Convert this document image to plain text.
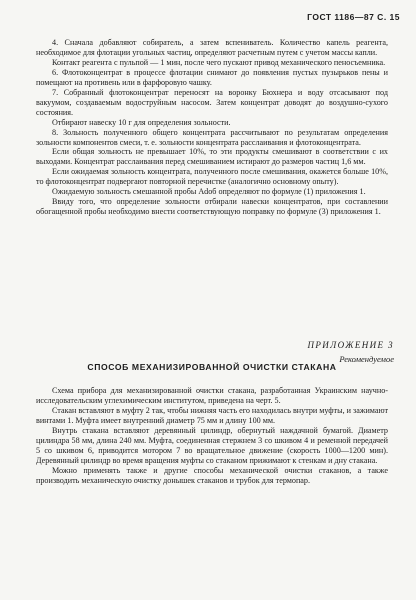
ГОСТ 1186—87 С. 15

4. Сначала добавляют собиратель, а затем вспениватель. Количество капель реагента, необходимое для флотации угольных частиц, определяют расчетным путем с учетом массы капли.

Контакт реагента с пульпой — 1 мин, после чего пускают привод механического пеносъемника.

6. Флотоконцентрат в процессе флотации снимают до появления пустых пузырьков пены и помещают на противень или в фарфоровую чашку.

7. Собранный флотоконцентрат переносят на воронку Бюхнера и воду отсасывают под вакуумом, создаваемым водоструйным насосом. Затем концентрат доводят до воздушно-сухого состояния.

Отбирают навеску 10 г для определения зольности.

8. Зольность полученного общего концентрата рассчитывают по результатам определения зольности компонентов смеси, т. е. зольности концентрата расслаивания и флотоконцентрата.

Если общая зольность не превышает 10%, то эти продукты смешивают в соответствии с их выходами. Концентрат расслаивания перед смешиванием истирают до размеров частиц 1,6 мм.

Если ожидаемая зольность концентрата, полученного после смешивания, окажется больше 10%, то флотоконцентрат подвергают повторной перечистке (аналогично основному опыту).

Ожидаемую зольность смешанной пробы Adоб определяют по формуле (1) приложения 1.

Ввиду того, что определение зольности отбирали навески концентратов, при составлении обогащенной пробы необходимо внести соответствующую поправку по формуле (3) приложения 1.

ПРИЛОЖЕНИЕ 3
Рекомендуемое
СПОСОБ МЕХАНИЗИРОВАННОЙ ОЧИСТКИ СТАКАНА

Схема прибора для механизированной очистки стакана, разработанная Украинским научно-исследовательским углехимическим институтом, приведена на черт. 5.

Стакан вставляют в муфту 2 так, чтобы нижняя часть его находилась внутри муфты, и зажимают винтами 1. Муфта имеет внутренний диаметр 75 мм и длину 100 мм.

Внутрь стакана вставляют деревянный цилиндр, обернутый наждачной бумагой. Диаметр цилиндра 58 мм, длина 240 мм. Муфта, соединенная стержнем 3 со шкивом 4 и ременной передачей 5 со шкивом 6, приводится мотором 7 во вращательное движение (скорость 1000—1200 мин). Деревянный цилиндр во время вращения муфты со стаканом прижимают к стенкам и дну стакана.

Можно применять также и другие способы механической очистки стаканов, а также производить механическую очистку донышек стаканов и трубок для термопар.
